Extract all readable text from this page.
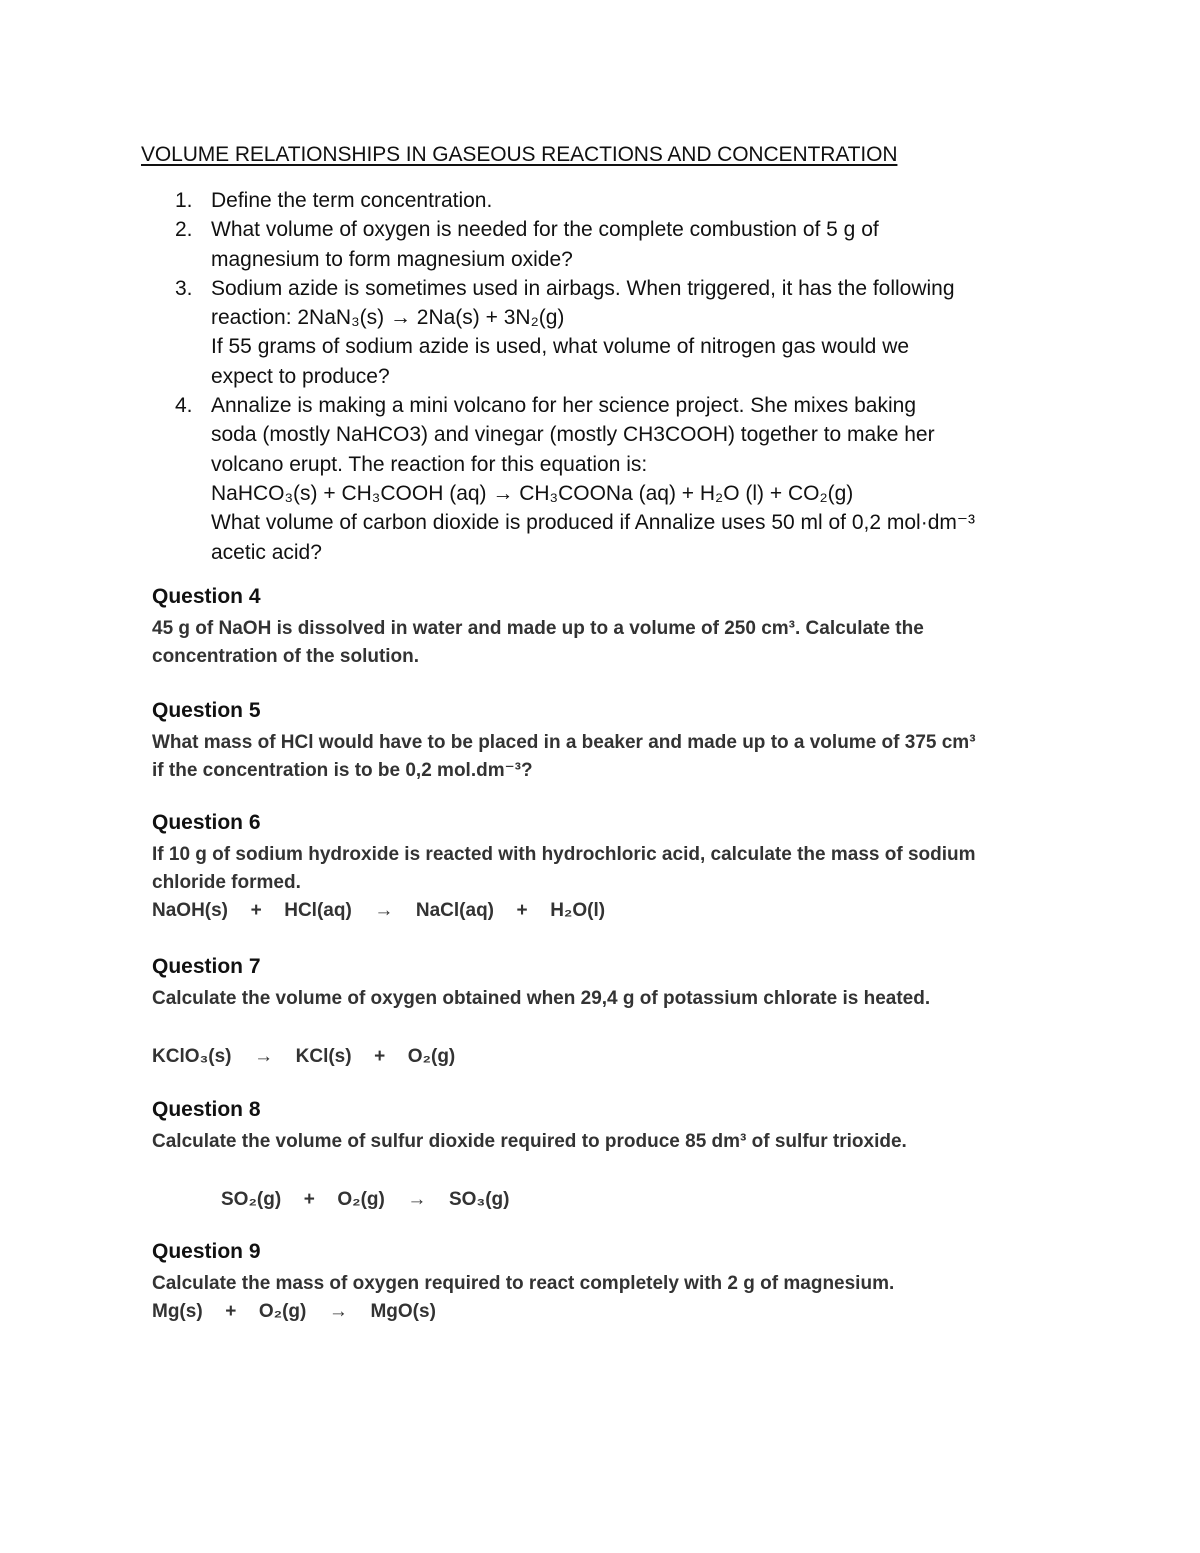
VOLUME RELATIONSHIPS IN GASEOUS REACTIONS AND CONCENTRATION
1. Define the term concentration.
2. What volume of oxygen is needed for the complete combustion of 5 g of
magnesium to form magnesium oxide?
3. Sodium azide is sometimes used in airbags. When triggered, it has the following
reaction: 2NaN₃(s) → 2Na(s) + 3N₂(g)
If 55 grams of sodium azide is used, what volume of nitrogen gas would we
expect to produce?
4. Annalize is making a mini volcano for her science project. She mixes baking
soda (mostly NaHCO3) and vinegar (mostly CH3COOH) together to make her
volcano erupt. The reaction for this equation is:
NaHCO₃(s) + CH₃COOH (aq) → CH₃COONa (aq) + H₂O (l) + CO₂(g)
What volume of carbon dioxide is produced if Annalize uses 50 ml of 0,2 mol·dm⁻³
acetic acid?
Question 4
45 g of NaOH is dissolved in water and made up to a volume of 250 cm³. Calculate the
concentration of the solution.
Question 5
What mass of HCl would have to be placed in a beaker and made up to a volume of 375 cm³
if the concentration is to be 0,2 mol.dm⁻³?
Question 6
If 10 g of sodium hydroxide is reacted with hydrochloric acid, calculate the mass of sodium
chloride formed.
NaOH(s)  +  HCl(aq)  →  NaCl(aq)  +  H₂O(l)
Question 7
Calculate the volume of oxygen obtained when 29,4 g of potassium chlorate is heated.
KClO₃(s)  →  KCl(s)  +  O₂(g)
Question 8
Calculate the volume of sulfur dioxide required to produce 85 dm³ of sulfur trioxide.
SO₂(g)  +  O₂(g)  →  SO₃(g)
Question 9
Calculate the mass of oxygen required to react completely with 2 g of magnesium.
Mg(s)  +  O₂(g)  →  MgO(s)
